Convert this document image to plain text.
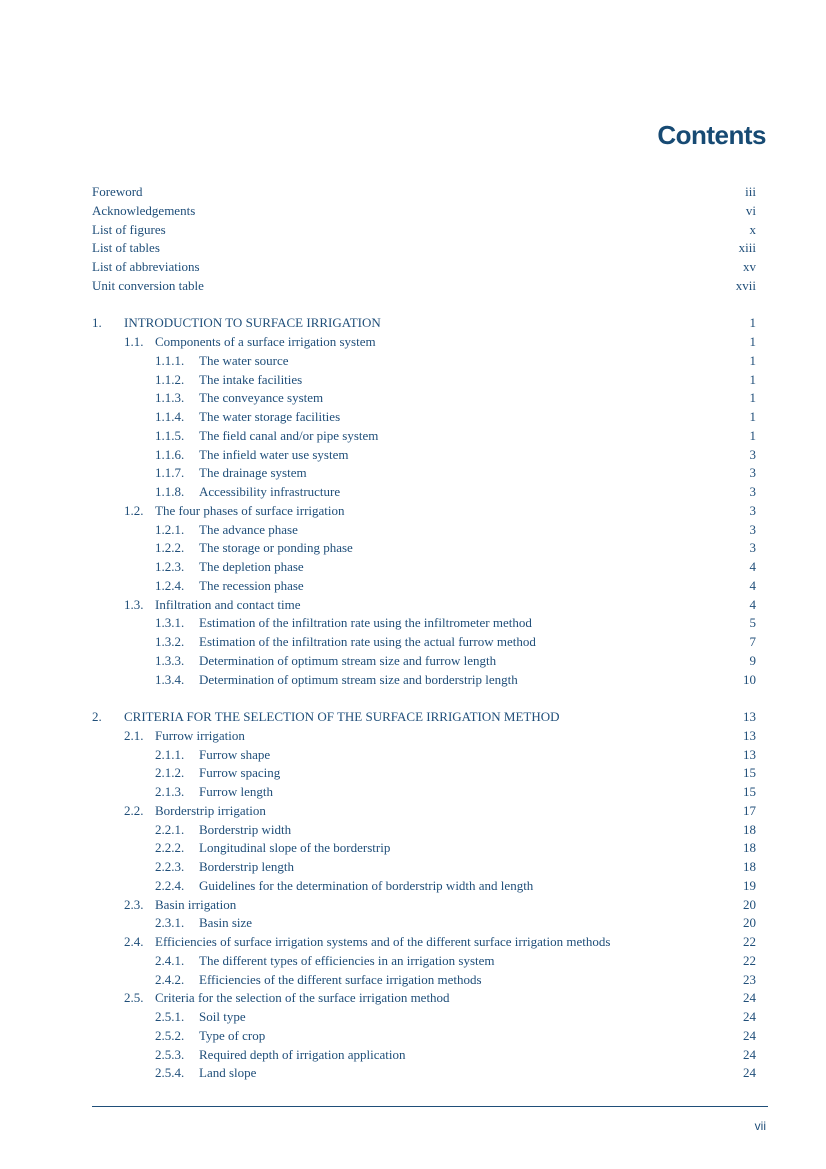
Contents
Foreword	iii
Acknowledgements	vi
List of figures	x
List of tables	xiii
List of abbreviations	xv
Unit conversion table	xvii
1. INTRODUCTION TO SURFACE IRRIGATION	1
1.1. Components of a surface irrigation system	1
1.1.1. The water source	1
1.1.2. The intake facilities	1
1.1.3. The conveyance system	1
1.1.4. The water storage facilities	1
1.1.5. The field canal and/or pipe system	1
1.1.6. The infield water use system	3
1.1.7. The drainage system	3
1.1.8. Accessibility infrastructure	3
1.2. The four phases of surface irrigation	3
1.2.1. The advance phase	3
1.2.2. The storage or ponding phase	3
1.2.3. The depletion phase	4
1.2.4. The recession phase	4
1.3. Infiltration and contact time	4
1.3.1. Estimation of the infiltration rate using the infiltrometer method	5
1.3.2. Estimation of the infiltration rate using the actual furrow method	7
1.3.3. Determination of optimum stream size and furrow length	9
1.3.4. Determination of optimum stream size and borderstrip length	10
2. CRITERIA FOR THE SELECTION OF THE SURFACE IRRIGATION METHOD	13
2.1. Furrow irrigation	13
2.1.1. Furrow shape	13
2.1.2. Furrow spacing	15
2.1.3. Furrow length	15
2.2. Borderstrip irrigation	17
2.2.1. Borderstrip width	18
2.2.2. Longitudinal slope of the borderstrip	18
2.2.3. Borderstrip length	18
2.2.4. Guidelines for the determination of borderstrip width and length	19
2.3. Basin irrigation	20
2.3.1. Basin size	20
2.4. Efficiencies of surface irrigation systems and of the different surface irrigation methods	22
2.4.1. The different types of efficiencies in an irrigation system	22
2.4.2. Efficiencies of the different surface irrigation methods	23
2.5. Criteria for the selection of the surface irrigation method	24
2.5.1. Soil type	24
2.5.2. Type of crop	24
2.5.3. Required depth of irrigation application	24
2.5.4. Land slope	24
vii
